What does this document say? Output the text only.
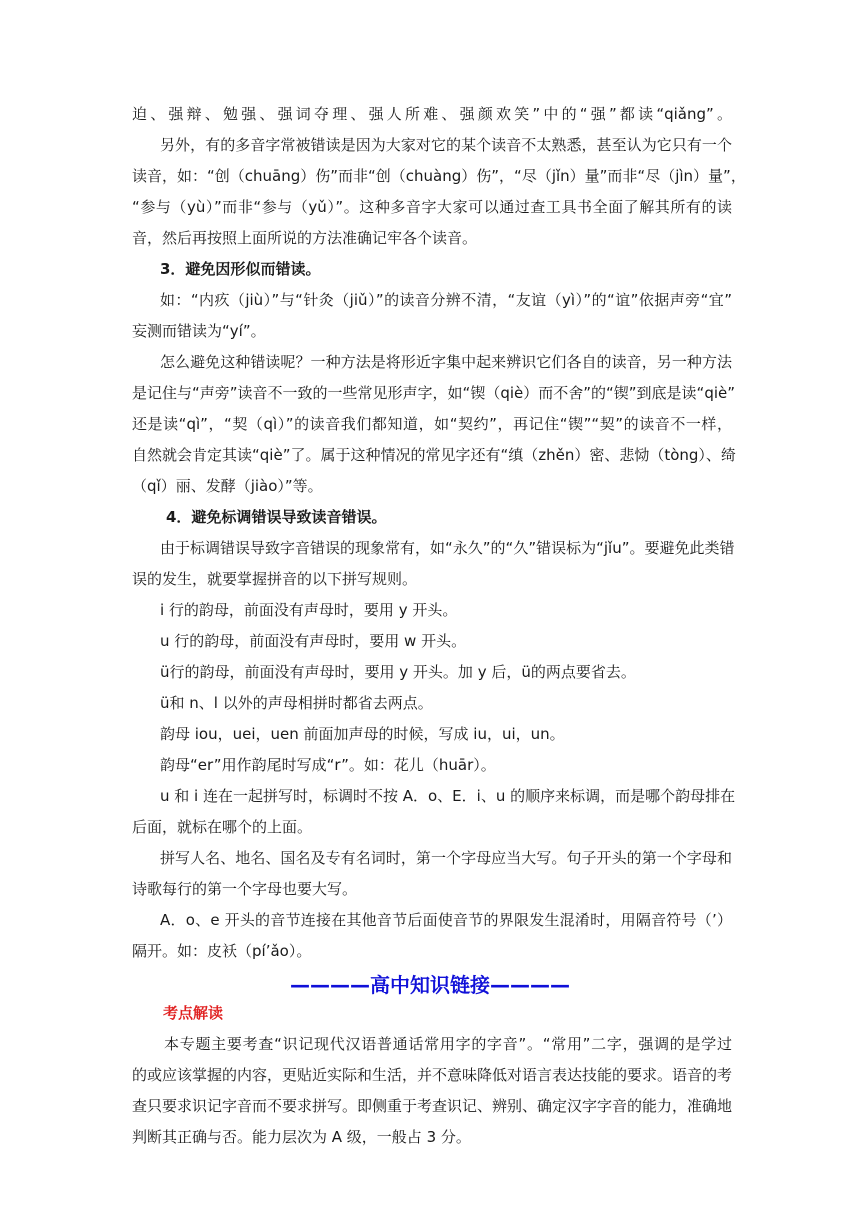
迫、强辩、勉强、强词夺理、强人所难、强颜欢笑”中的“强”都读“qiǎng”。
另外，有的多音字常被错读是因为大家对它的某个读音不太熟悉，甚至认为它只有一个
读音，如：“创（chuāng）伤”而非“创（chuàng）伤”，“尽（jǐn）量”而非“尽（jìn）量”，
“参与（yù）”而非“参与（yǔ）”。这种多音字大家可以通过查工具书全面了解其所有的读
音，然后再按照上面所说的方法准确记牢各个读音。
3．避免因形似而错读。
如：“内疚（jiù）”与“针灸（jiǔ）”的读音分辨不清，“友谊（yì）”的“谊”依据声旁“宜”
妄测而错读为“yí”。
怎么避免这种错读呢？一种方法是将形近字集中起来辨识它们各自的读音，另一种方法
是记住与“声旁”读音不一致的一些常见形声字，如“锲（qiè）而不舍”的“锲”到底是读“qiè”
还是读“qì”，“契（qì）”的读音我们都知道，如“契约”，再记住“锲”“契”的读音不一样，
自然就会肯定其读“qiè”了。属于这种情况的常见字还有“缜（zhěn）密、悲恸（tòng）、绮
（qǐ）丽、发酵（jiào）”等。
4．避免标调错误导致读音错误。
由于标调错误导致字音错误的现象常有，如“永久”的“久”错误标为“jǐu”。要避免此类错
误的发生，就要掌握拼音的以下拼写规则。
i 行的韵母，前面没有声母时，要用 y 开头。
u 行的韵母，前面没有声母时，要用 w 开头。
ü行的韵母，前面没有声母时，要用 y 开头。加 y 后，ü的两点要省去。
ü和 n、l 以外的声母相拼时都省去两点。
韵母 iou，uei，uen 前面加声母的时候，写成 iu，ui，un。
韵母“er”用作韵尾时写成“r”。如：花儿（huār）。
u 和 i 连在一起拼写时，标调时不按 A．o、E．i、u 的顺序来标调，而是哪个韵母排在
后面，就标在哪个的上面。
拼写人名、地名、国名及专有名词时，第一个字母应当大写。句子开头的第一个字母和
诗歌每行的第一个字母也要大写。
A．o、e 开头的音节连接在其他音节后面使音节的界限发生混淆时，用隔音符号（’）
隔开。如：皮袄（pí’ǎo）。
————高中知识链接————
考点解读
本专题主要考查“识记现代汉语普通话常用字的字音”。“常用”二字，强调的是学过
的或应该掌握的内容，更贴近实际和生活，并不意味降低对语言表达技能的要求。语音的考
查只要求识记字音而不要求拼写。即侧重于考查识记、辨别、确定汉字字音的能力，准确地
判断其正确与否。能力层次为 A 级，一般占 3 分。
